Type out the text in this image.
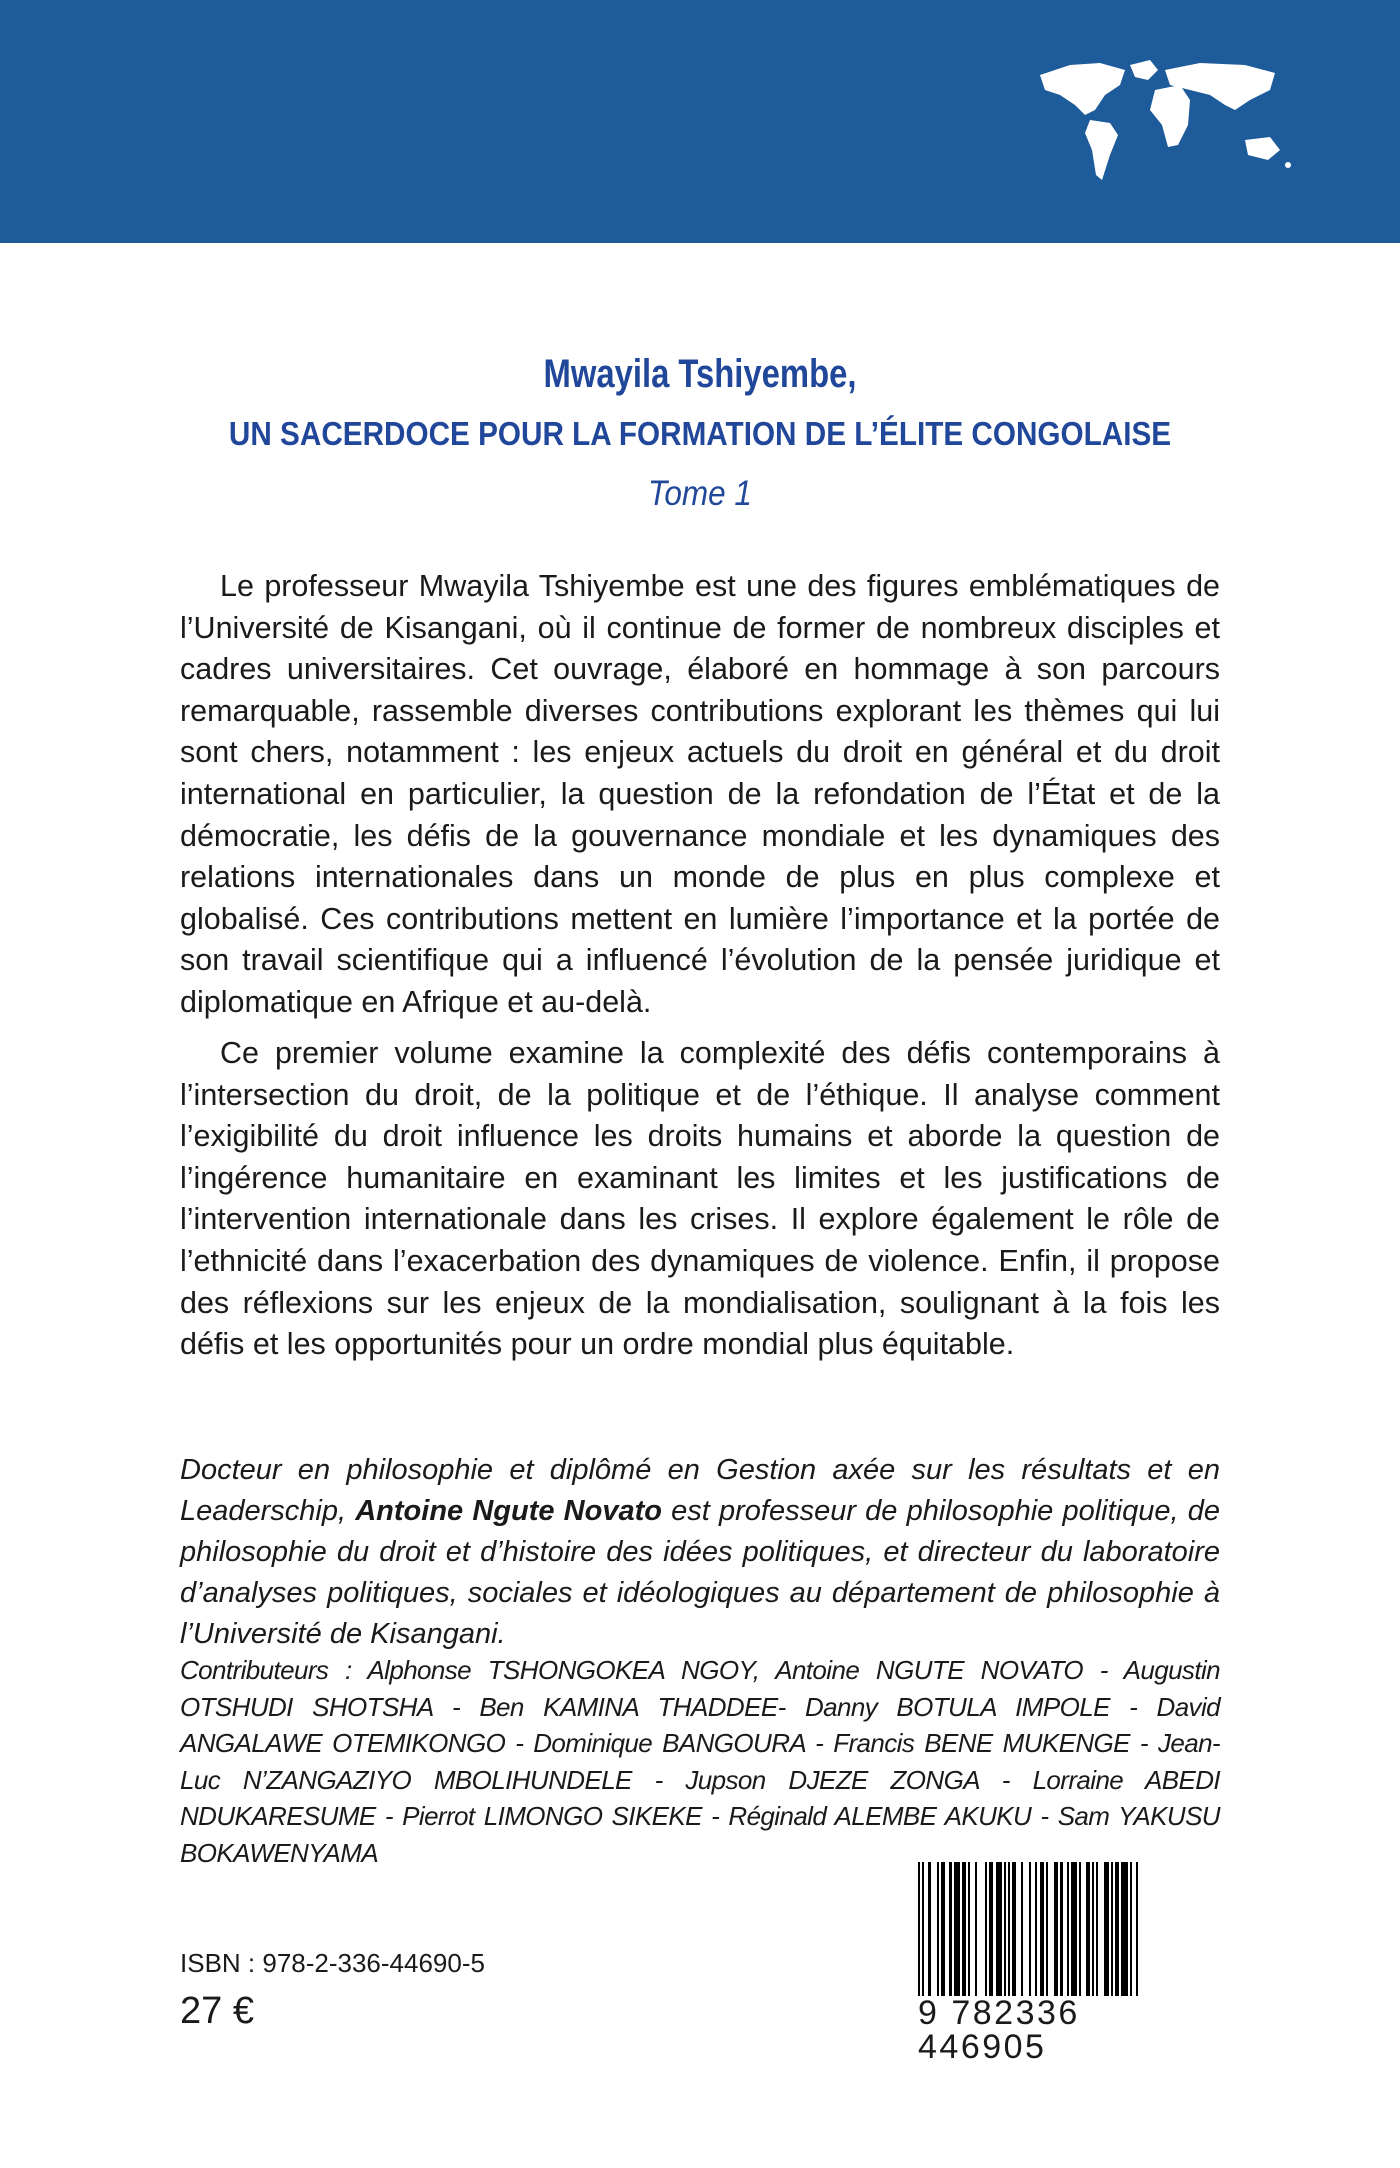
Mwayila Tshiyembe,
UN SACERDOCE POUR LA FORMATION DE L’ÉLITE CONGOLAISE
Tome 1

Le professeur Mwayila Tshiyembe est une des figures emblématiques de l’Université de Kisangani, où il continue de former de nombreux disciples et cadres universitaires. Cet ouvrage, élaboré en hommage à son parcours remarquable, rassemble diverses contributions explorant les thèmes qui lui sont chers, notamment : les enjeux actuels du droit en général et du droit international en particulier, la question de la refondation de l’État et de la démocratie, les défis de la gouvernance mondiale et les dynamiques des relations internationales dans un monde de plus en plus complexe et globalisé. Ces contributions mettent en lumière l’importance et la portée de son travail scientifique qui a influencé l’évolution de la pensée juridique et diplomatique en Afrique et au-delà.

Ce premier volume examine la complexité des défis contemporains à l’intersection du droit, de la politique et de l’éthique. Il analyse comment l’exigibilité du droit influence les droits humains et aborde la question de l’ingérence humanitaire en examinant les limites et les justifications de l’intervention internationale dans les crises. Il explore également le rôle de l’ethnicité dans l’exacerbation des dynamiques de violence. Enfin, il propose des réflexions sur les enjeux de la mondialisation, soulignant à la fois les défis et les opportunités pour un ordre mondial plus équitable.

Docteur en philosophie et diplômé en Gestion axée sur les résultats et en Leaderschip, Antoine Ngute Novato est professeur de philosophie politique, de philosophie du droit et d’histoire des idées politiques, et directeur du laboratoire d’analyses politiques, sociales et idéologiques au département de philosophie à l’Université de Kisangani.

Contributeurs : Alphonse TSHONGOKEA NGOY, Antoine NGUTE NOVATO - Augustin OTSHUDI SHOTSHA - Ben KAMINA THADDEE- Danny BOTULA IMPOLE - David ANGALAWE OTEMIKONGO - Dominique BANGOURA - Francis BENE MUKENGE - Jean-Luc N’ZANGAZIYO MBOLIHUNDELE - Jupson DJEZE ZONGA - Lorraine ABEDI NDUKARESUME - Pierrot LIMONGO SIKEKE - Réginald ALEMBE AKUKU - Sam YAKUSU BOKAWENYAMA

ISBN : 978-2-336-44690-5
27 €	9 782336 446905
